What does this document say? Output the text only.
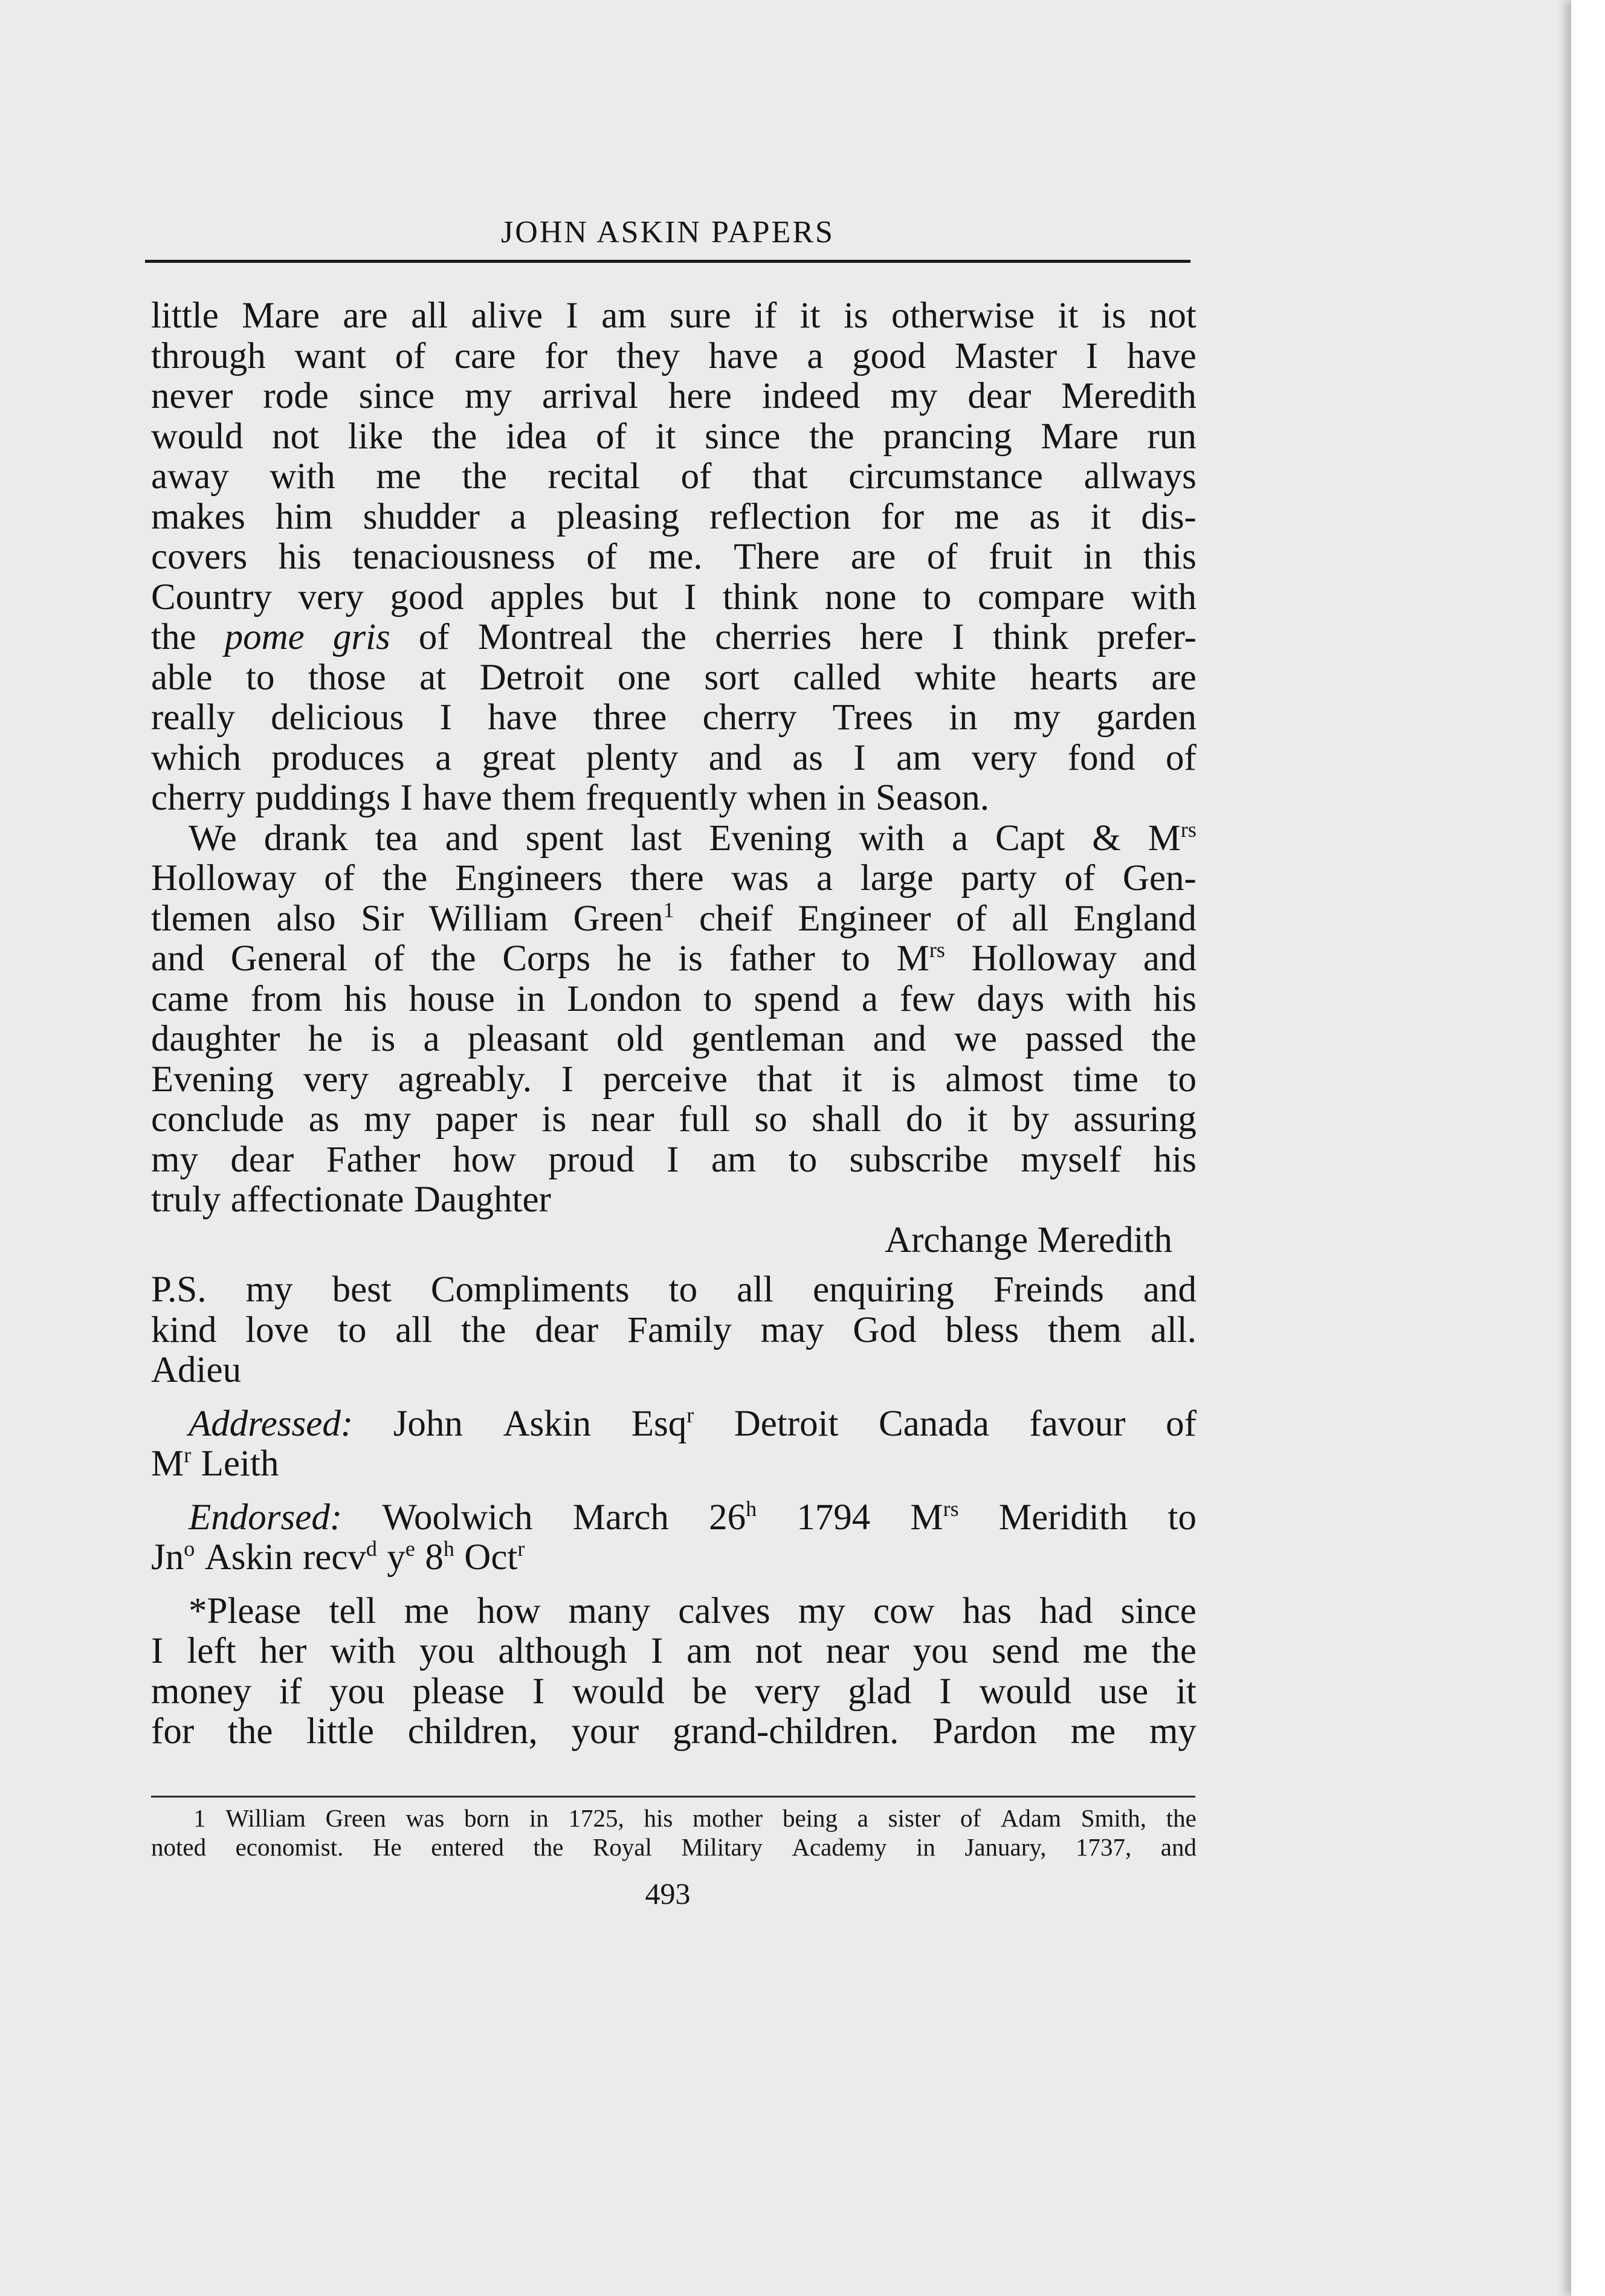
JOHN ASKIN PAPERS
little Mare are all alive I am sure if it is otherwise it is not
through want of care for they have a good Master I have
never rode since my arrival here indeed my dear Meredith
would not like the idea of it since the prancing Mare run
away with me the recital of that circumstance allways
makes him shudder a pleasing reflection for me as it dis-
covers his tenaciousness of me. There are of fruit in this
Country very good apples but I think none to compare with
the pome gris of Montreal the cherries here I think prefer-
able to those at Detroit one sort called white hearts are
really delicious I have three cherry Trees in my garden
which produces a great plenty and as I am very fond of
cherry puddings I have them frequently when in Season.
We drank tea and spent last Evening with a Capt & $M^{rs}$
Holloway of the Engineers there was a large party of Gen-
tlemen also Sir William Green$^1$ cheif Engineer of all England
and General of the Corps he is father to $M^{rs}$ Holloway and
came from his house in London to spend a few days with his
daughter he is a pleasant old gentleman and we passed the
Evening very agreably. I perceive that it is almost time to
conclude as my paper is near full so shall do it by assuring
my dear Father how proud I am to subscribe myself his
truly affectionate Daughter
Archange Meredith
P.S. my best Compliments to all enquiring Freinds and
kind love to all the dear Family may God bless them all.
Adieu
Addressed: John Askin Esq$^r$ Detroit Canada favour of
$M^r$ Leith
Endorsed: Woolwich March 26$^h$ 1794 $M^{rs}$ Meridith to
Jn$^o$ Askin recv$^d$ $y^e$ 8$^h$ Oct$^r$
*Please tell me how many calves my cow has had since
I left her with you although I am not near you send me the
money if you please I would be very glad I would use it
for the little children, your grand-children. Pardon me my
1 William Green was born in 1725, his mother being a sister of Adam Smith, the
noted economist. He entered the Royal Military Academy in January, 1737, and
493
